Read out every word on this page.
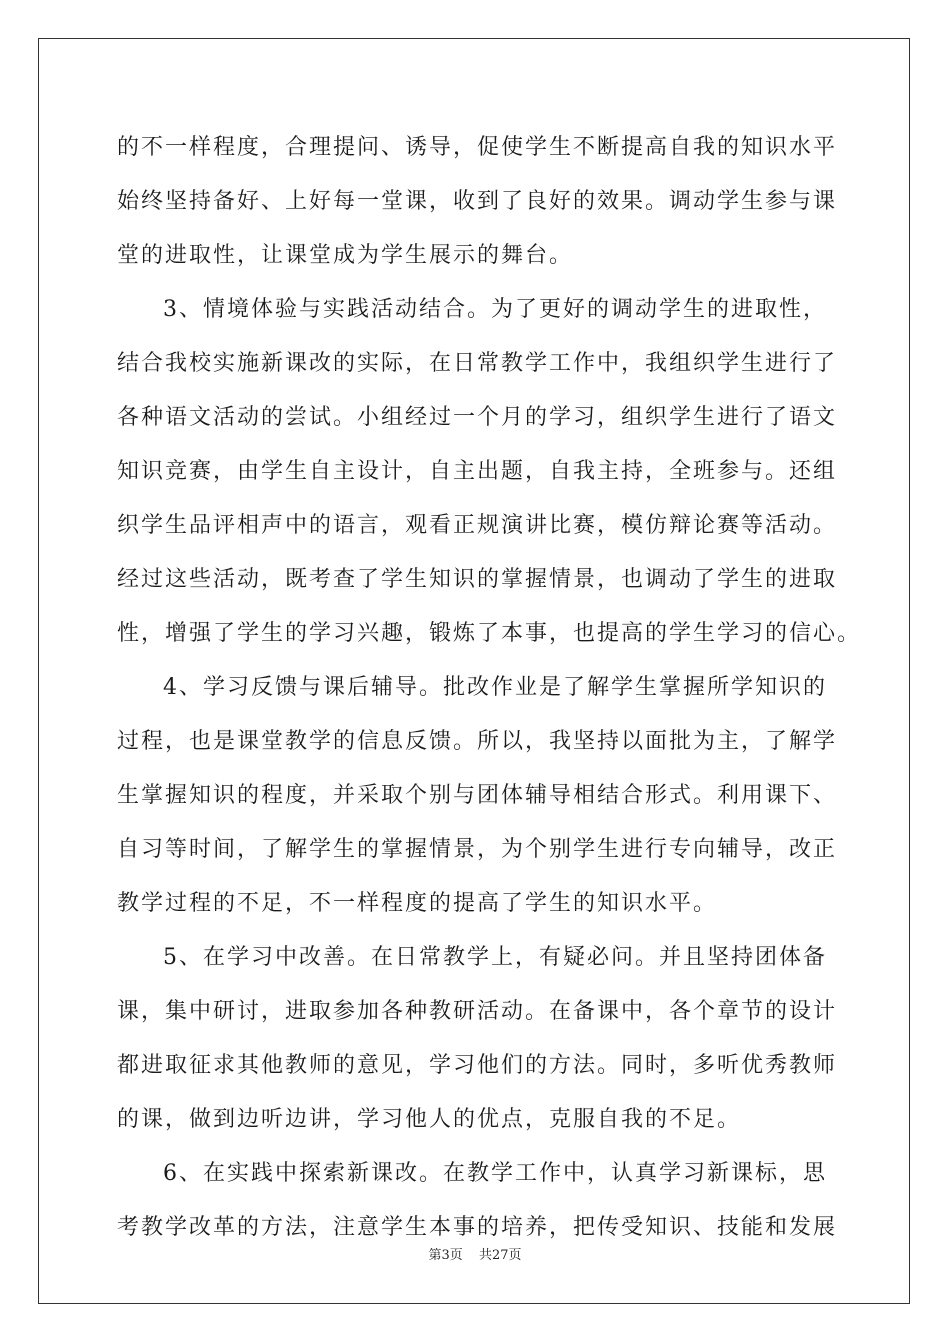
的不一样程度，合理提问、诱导，促使学生不断提高自我的知识水平
始终坚持备好、上好每一堂课，收到了良好的效果。调动学生参与课
堂的进取性，让课堂成为学生展示的舞台。
3、情境体验与实践活动结合。为了更好的调动学生的进取性，
结合我校实施新课改的实际，在日常教学工作中，我组织学生进行了
各种语文活动的尝试。小组经过一个月的学习，组织学生进行了语文
知识竞赛，由学生自主设计，自主出题，自我主持，全班参与。还组
织学生品评相声中的语言，观看正规演讲比赛，模仿辩论赛等活动。
经过这些活动，既考查了学生知识的掌握情景，也调动了学生的进取
性，增强了学生的学习兴趣，锻炼了本事，也提高的学生学习的信心。
4、学习反馈与课后辅导。批改作业是了解学生掌握所学知识的
过程，也是课堂教学的信息反馈。所以，我坚持以面批为主，了解学
生掌握知识的程度，并采取个别与团体辅导相结合形式。利用课下、
自习等时间，了解学生的掌握情景，为个别学生进行专向辅导，改正
教学过程的不足，不一样程度的提高了学生的知识水平。
5、在学习中改善。在日常教学上，有疑必问。并且坚持团体备
课，集中研讨，进取参加各种教研活动。在备课中，各个章节的设计
都进取征求其他教师的意见，学习他们的方法。同时，多听优秀教师
的课，做到边听边讲，学习他人的优点，克服自我的不足。
6、在实践中探索新课改。在教学工作中，认真学习新课标，思
考教学改革的方法，注意学生本事的培养，把传受知识、技能和发展
第3页 共27页
